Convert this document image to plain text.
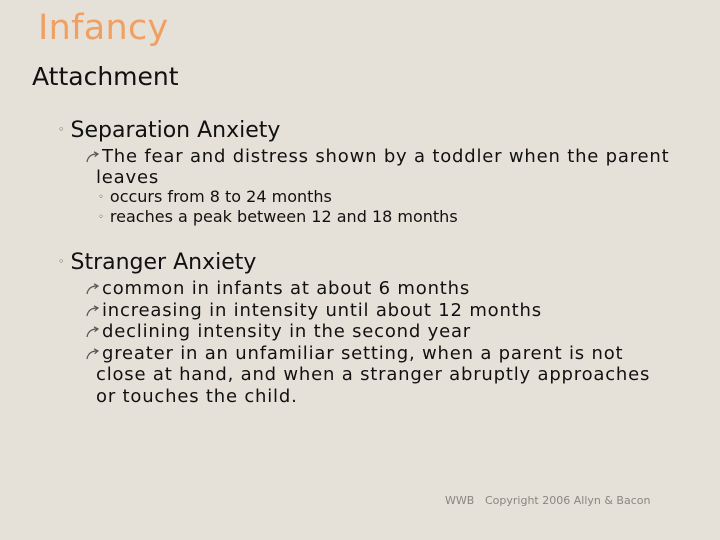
Infancy
Attachment
◦ Separation Anxiety
The fear and distress shown by a toddler when the parent leaves
◦ occurs from 8 to 24 months
◦ reaches a peak between 12 and 18 months
◦ Stranger Anxiety
common in infants at about 6 months
increasing in intensity until about 12 months
declining intensity in the second year
greater in an unfamiliar setting, when a parent is not close at hand, and when a stranger abruptly approaches or touches the child.
WWB Copyright 2006 Allyn & Bacon
